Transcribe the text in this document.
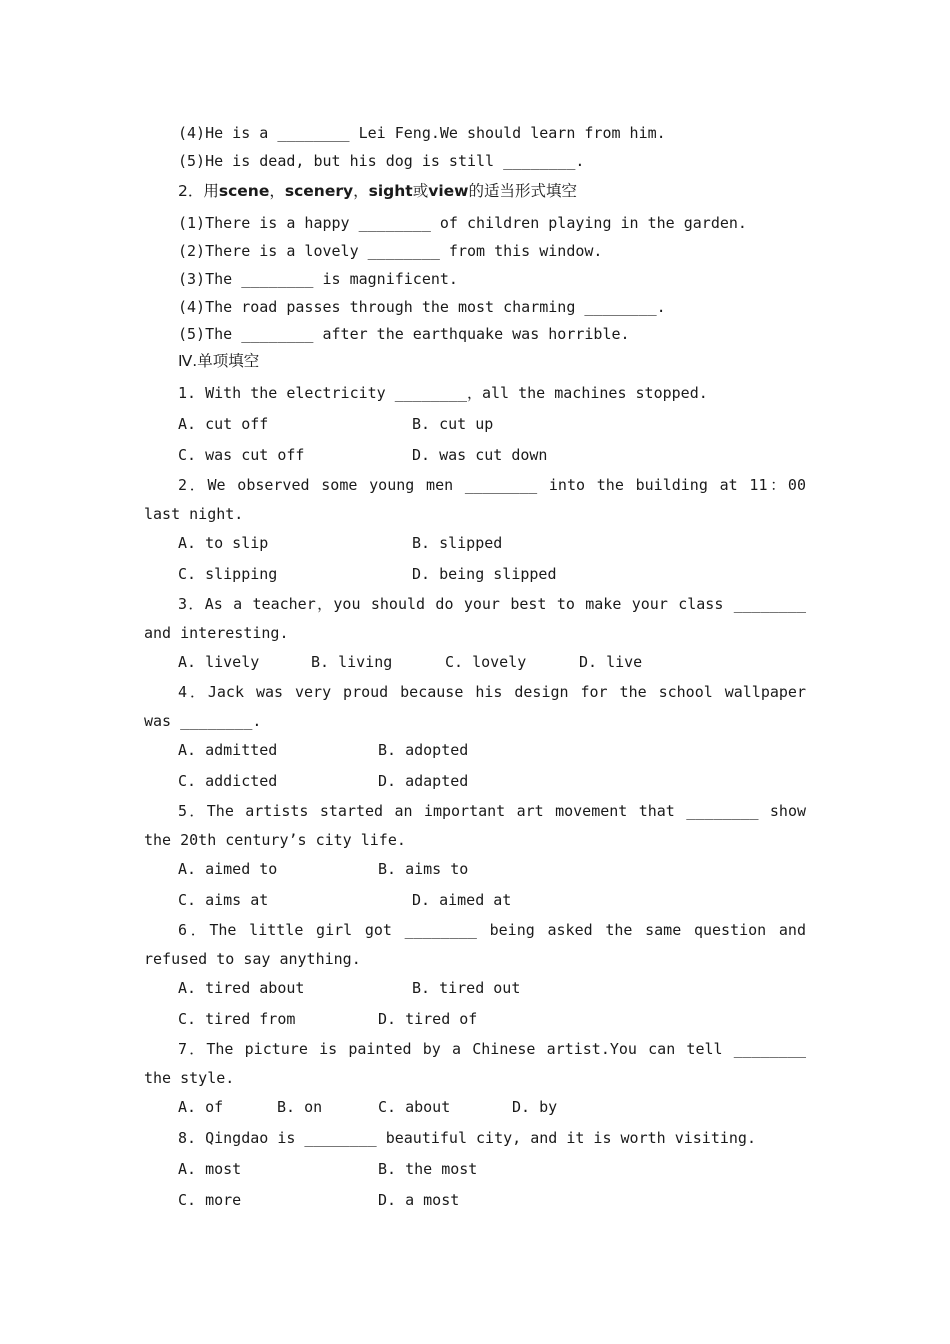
(4)He is a ________ Lei Feng.We should learn from him.
(5)He is dead, but his dog is still ________.
2．用scene，scenery，sight或view的适当形式填空
(1)There is a happy ________ of children playing in the garden.
(2)There is a lovely ________ from this window.
(3)The ________ is magnificent.
(4)The road passes through the most charming ________.
(5)The ________ after the earthquake was horrible.
Ⅳ.单项填空
1. With the electricity ________，all the machines stopped.
A. cut off	B. cut up
C. was cut off	D. was cut down
2．We observed some young men ________ into the building at 11：00 last night.
A. to slip	B. slipped
C. slipping	D. being slipped
3．As a teacher，you should do your best to make your class ________ and interesting.
A. lively	B. living	C. lovely	D. live
4．Jack was very proud because his design for the school wallpaper was ________.
A. admitted	B. adopted
C. addicted	D. adapted
5．The artists started an important art movement that ________ show the 20th century’s city life.
A. aimed to	B. aims to
C. aims at	D. aimed at
6．The little girl got ________ being asked the same question and refused to say anything.
A. tired about	B. tired out
C. tired from	D. tired of
7．The picture is painted by a Chinese artist.You can tell ________ the style.
A. of	B. on	C. about	D. by
8. Qingdao is ________ beautiful city, and it is worth visiting.
A. most	B. the most
C. more	D. a most
